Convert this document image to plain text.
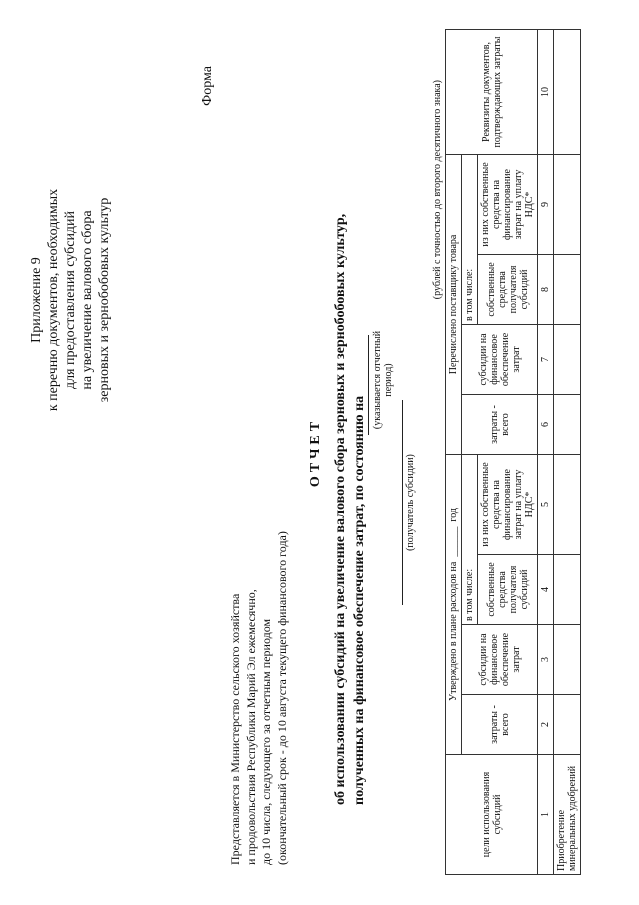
Приложение 9 к перечню документов, необходимых для предоставления субсидий на увеличение валового сбора зерновых и зернобобовых культур
Форма
Представляется в Министерство сельского хозяйства и продовольствия Республики Марий Эл ежемесячно, до 10 числа, следующего за отчетным периодом (окончательный срок - до 10 августа текущего финансового года)
ОТЧЕТ об использовании субсидий на увеличение валового сбора зерновых и зернобобовых культур, полученных на финансовое обеспечение затрат, по состоянию на
(указывается отчетный период)
(получатель субсидии)
(рублей с точностью до второго десятичного знака)
цели использования субсидий	Утверждено в плане расходов на  ______  год				Перечислено поставщику товара				Реквизиты документов, подтверждающих затраты
	затраты - всего	субсидии на финансовое обеспечение затрат	в том числе:		затраты - всего	субсидии на финансовое обеспечение затрат	в том числе:		
			собственные средства получателя субсидий	из них собственные средства на финансирование затрат на уплату НДС*			собственные средства получателя субсидий	из них собственные средства на финансирование затрат на уплату НДС*	
1	2	3	4	5	6	7	8	9	10
Приобретение минеральных удобрений									
